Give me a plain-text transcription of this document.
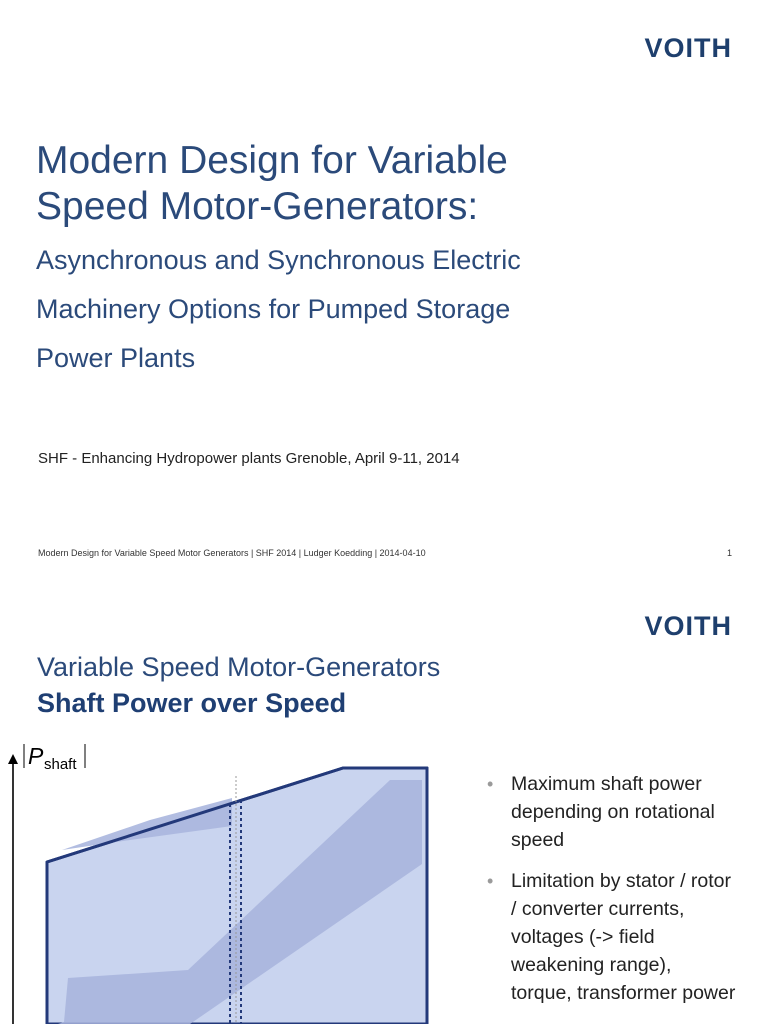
VOITH
Modern Design for Variable
Speed Motor-Generators:
Asynchronous and Synchronous Electric
Machinery Options for Pumped Storage
Power Plants
SHF - Enhancing Hydropower plants Grenoble, April 9-11, 2014
Modern Design for Variable Speed Motor Generators | SHF 2014 | Ludger Koedding | 2014-04-10	1
VOITH
Variable Speed Motor-Generators
Shaft Power over Speed
P shaft
• Maximum shaft power depending on rotational speed
• Limitation by stator / rotor / converter currents, voltages (-> field weakening range), torque, transformer power
